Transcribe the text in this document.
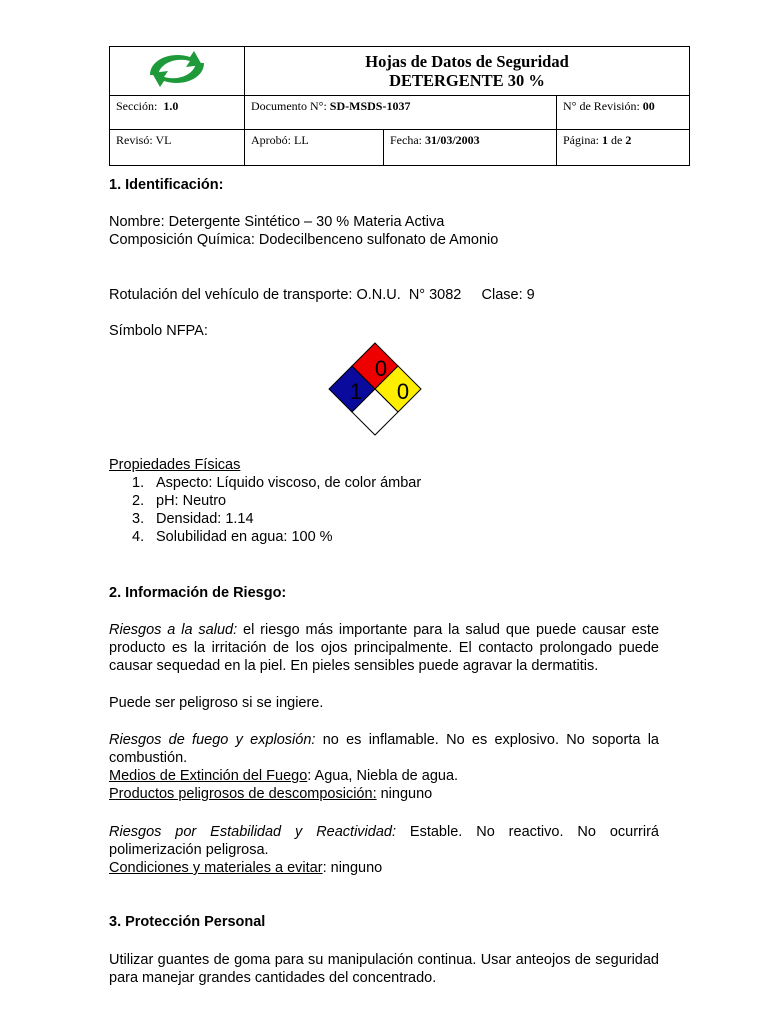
Hojas de Datos de Seguridad
DETERGENTE 30 %		

Sección: 1.0	Documento N°: SD-MSDS-1037		N° de Revisión: 00
Revisó: VL	Aprobó: LL	Fecha: 31/03/2003	Página: 1 de 2
1. Identificación:
Nombre: Detergente Sintético – 30 % Materia Activa
Composición Química: Dodecilbenceno sulfonato de Amonio
Rotulación del vehículo de transporte: O.N.U.  N° 3082     Clase: 9
Símbolo NFPA:
0
1 0
Propiedades Físicas
1. Aspecto: Líquido viscoso, de color ámbar
2. pH: Neutro
3. Densidad: 1.14
4. Solubilidad en agua: 100 %
2. Información de Riesgo:
Riesgos a la salud: el riesgo más importante para la salud que puede causar este producto es la irritación de los ojos principalmente. El contacto prolongado puede causar sequedad en la piel. En pieles sensibles puede agravar la dermatitis.
Puede ser peligroso si se ingiere.
Riesgos de fuego y explosión: no es inflamable. No es explosivo. No soporta la combustión.
Medios de Extinción del Fuego: Agua, Niebla de agua.
Productos peligrosos de descomposición: ninguno
Riesgos por Estabilidad y Reactividad: Estable. No reactivo. No ocurrirá polimerización peligrosa.
Condiciones y materiales a evitar: ninguno
3. Protección Personal
Utilizar guantes de goma para su manipulación continua. Usar anteojos de seguridad para manejar grandes cantidades del concentrado.
